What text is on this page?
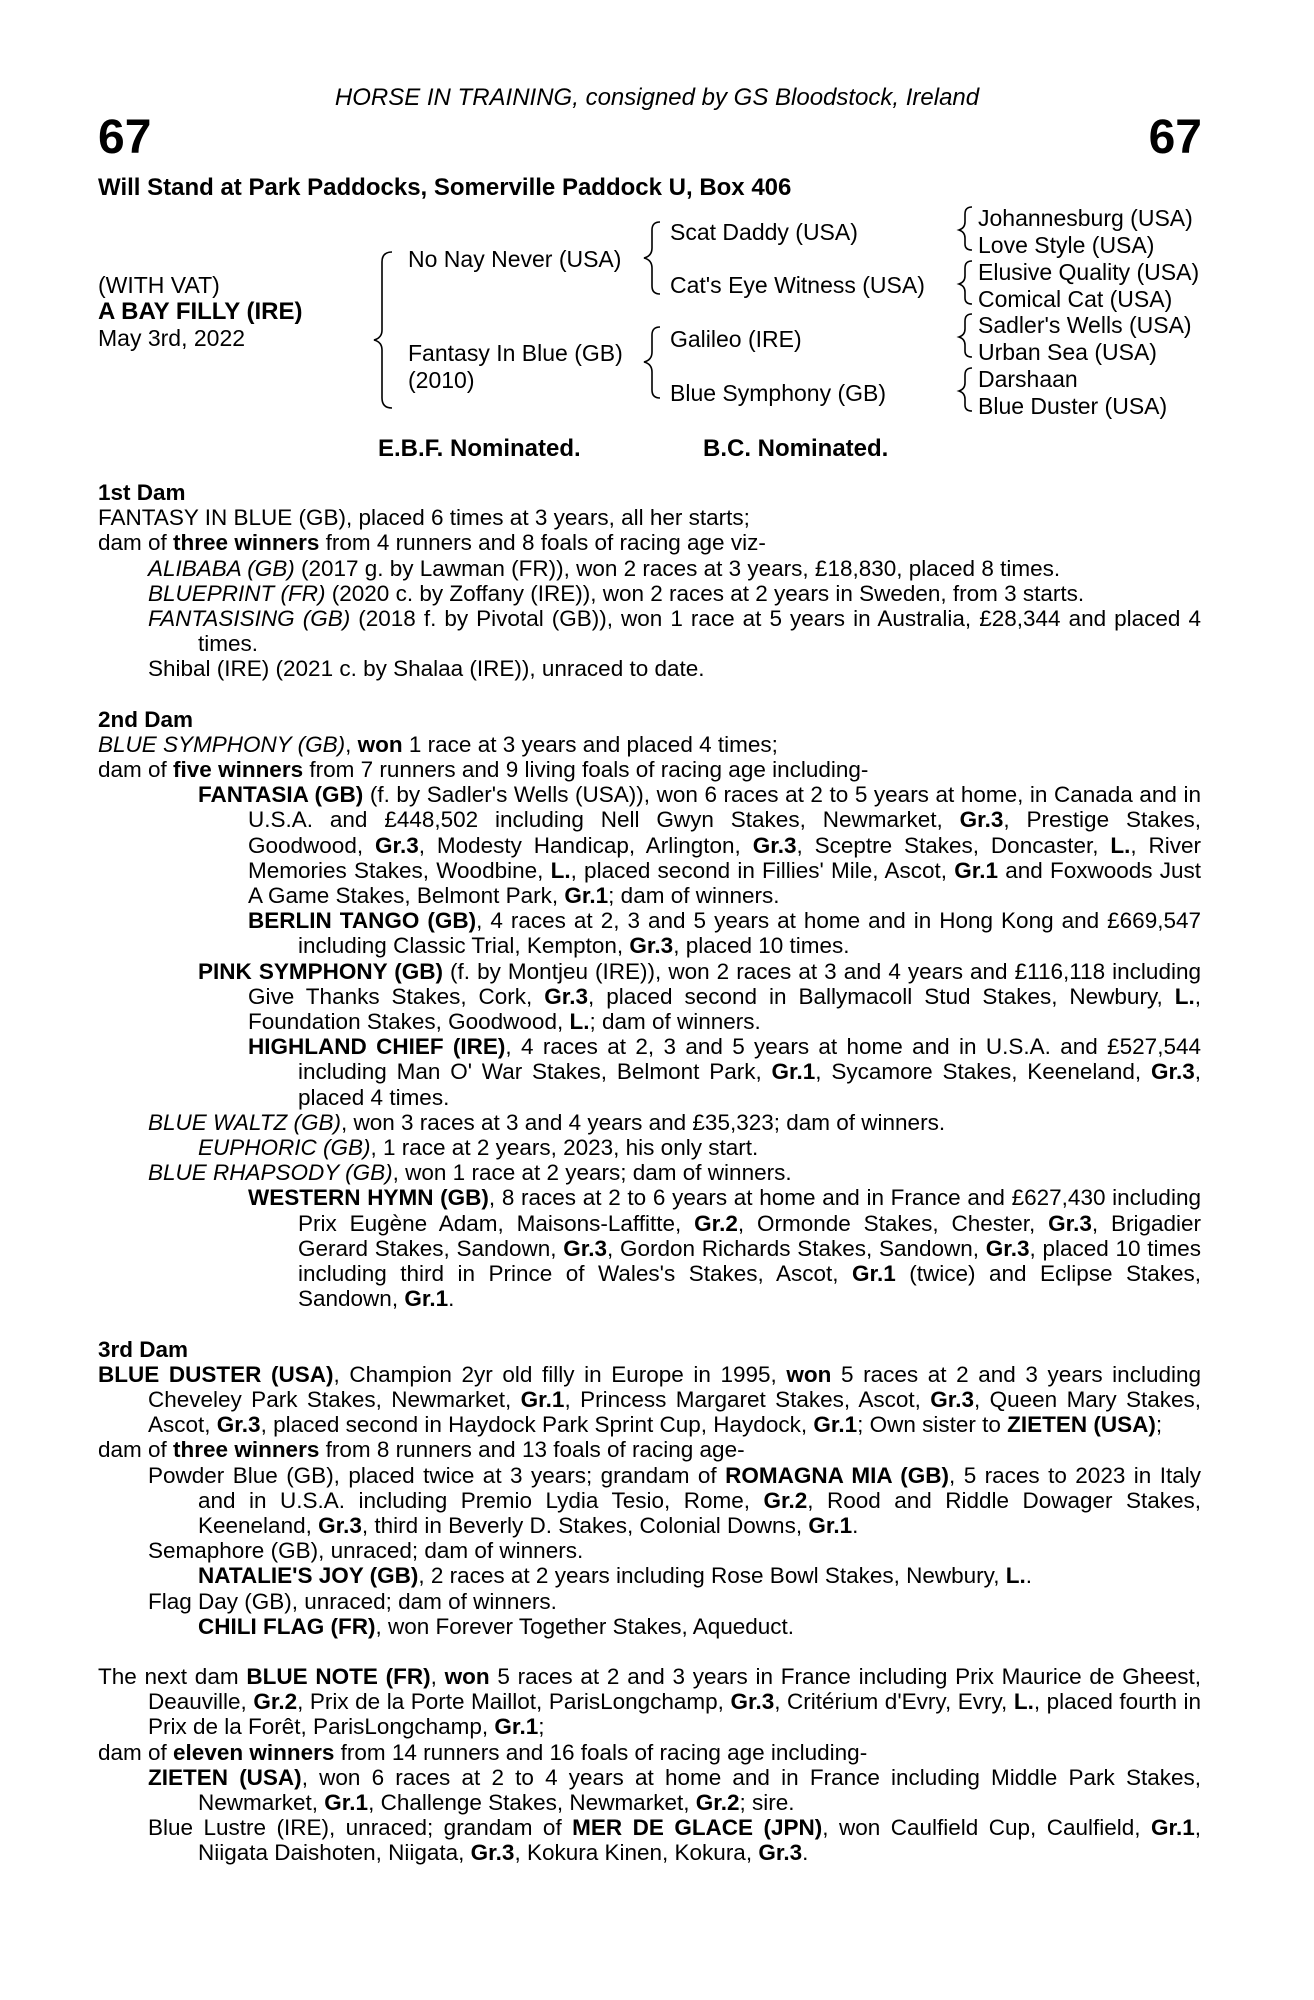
HORSE IN TRAINING, consigned by GS Bloodstock, Ireland
67	67
Will Stand at Park Paddocks, Somerville Paddock U, Box 406
(WITH VAT)
A BAY FILLY (IRE)
May 3rd, 2022
No Nay Never (USA)
Fantasy In Blue (GB)
(2010)
Scat Daddy (USA)
Cat's Eye Witness (USA)
Galileo (IRE)
Blue Symphony (GB)
Johannesburg (USA)
Love Style (USA)
Elusive Quality (USA)
Comical Cat (USA)
Sadler's Wells (USA)
Urban Sea (USA)
Darshaan
Blue Duster (USA)
E.B.F. Nominated.	B.C. Nominated.
1st Dam
FANTASY IN BLUE (GB), placed 6 times at 3 years, all her starts;
dam of three winners from 4 runners and 8 foals of racing age viz-
ALIBABA (GB) (2017 g. by Lawman (FR)), won 2 races at 3 years, £18,830, placed 8 times.
BLUEPRINT (FR) (2020 c. by Zoffany (IRE)), won 2 races at 2 years in Sweden, from 3 starts.
FANTASISING (GB) (2018 f. by Pivotal (GB)), won 1 race at 5 years in Australia, £28,344 and placed 4 times.
Shibal (IRE) (2021 c. by Shalaa (IRE)), unraced to date.
2nd Dam
BLUE SYMPHONY (GB), won 1 race at 3 years and placed 4 times;
dam of five winners from 7 runners and 9 living foals of racing age including-
FANTASIA (GB) (f. by Sadler's Wells (USA)), won 6 races at 2 to 5 years at home, in Canada and in U.S.A. and £448,502 including Nell Gwyn Stakes, Newmarket, Gr.3, Prestige Stakes, Goodwood, Gr.3, Modesty Handicap, Arlington, Gr.3, Sceptre Stakes, Doncaster, L., River Memories Stakes, Woodbine, L., placed second in Fillies' Mile, Ascot, Gr.1 and Foxwoods Just A Game Stakes, Belmont Park, Gr.1; dam of winners.
BERLIN TANGO (GB), 4 races at 2, 3 and 5 years at home and in Hong Kong and £669,547 including Classic Trial, Kempton, Gr.3, placed 10 times.
PINK SYMPHONY (GB) (f. by Montjeu (IRE)), won 2 races at 3 and 4 years and £116,118 including Give Thanks Stakes, Cork, Gr.3, placed second in Ballymacoll Stud Stakes, Newbury, L., Foundation Stakes, Goodwood, L.; dam of winners.
HIGHLAND CHIEF (IRE), 4 races at 2, 3 and 5 years at home and in U.S.A. and £527,544 including Man O' War Stakes, Belmont Park, Gr.1, Sycamore Stakes, Keeneland, Gr.3, placed 4 times.
BLUE WALTZ (GB), won 3 races at 3 and 4 years and £35,323; dam of winners.
EUPHORIC (GB), 1 race at 2 years, 2023, his only start.
BLUE RHAPSODY (GB), won 1 race at 2 years; dam of winners.
WESTERN HYMN (GB), 8 races at 2 to 6 years at home and in France and £627,430 including Prix Eugène Adam, Maisons-Laffitte, Gr.2, Ormonde Stakes, Chester, Gr.3, Brigadier Gerard Stakes, Sandown, Gr.3, Gordon Richards Stakes, Sandown, Gr.3, placed 10 times including third in Prince of Wales's Stakes, Ascot, Gr.1 (twice) and Eclipse Stakes, Sandown, Gr.1.
3rd Dam
BLUE DUSTER (USA), Champion 2yr old filly in Europe in 1995, won 5 races at 2 and 3 years including Cheveley Park Stakes, Newmarket, Gr.1, Princess Margaret Stakes, Ascot, Gr.3, Queen Mary Stakes, Ascot, Gr.3, placed second in Haydock Park Sprint Cup, Haydock, Gr.1; Own sister to ZIETEN (USA);
dam of three winners from 8 runners and 13 foals of racing age-
Powder Blue (GB), placed twice at 3 years; grandam of ROMAGNA MIA (GB), 5 races to 2023 in Italy and in U.S.A. including Premio Lydia Tesio, Rome, Gr.2, Rood and Riddle Dowager Stakes, Keeneland, Gr.3, third in Beverly D. Stakes, Colonial Downs, Gr.1.
Semaphore (GB), unraced; dam of winners.
NATALIE'S JOY (GB), 2 races at 2 years including Rose Bowl Stakes, Newbury, L..
Flag Day (GB), unraced; dam of winners.
CHILI FLAG (FR), won Forever Together Stakes, Aqueduct.
The next dam BLUE NOTE (FR), won 5 races at 2 and 3 years in France including Prix Maurice de Gheest, Deauville, Gr.2, Prix de la Porte Maillot, ParisLongchamp, Gr.3, Critérium d'Evry, Evry, L., placed fourth in Prix de la Forêt, ParisLongchamp, Gr.1;
dam of eleven winners from 14 runners and 16 foals of racing age including-
ZIETEN (USA), won 6 races at 2 to 4 years at home and in France including Middle Park Stakes, Newmarket, Gr.1, Challenge Stakes, Newmarket, Gr.2; sire.
Blue Lustre (IRE), unraced; grandam of MER DE GLACE (JPN), won Caulfield Cup, Caulfield, Gr.1, Niigata Daishoten, Niigata, Gr.3, Kokura Kinen, Kokura, Gr.3.
